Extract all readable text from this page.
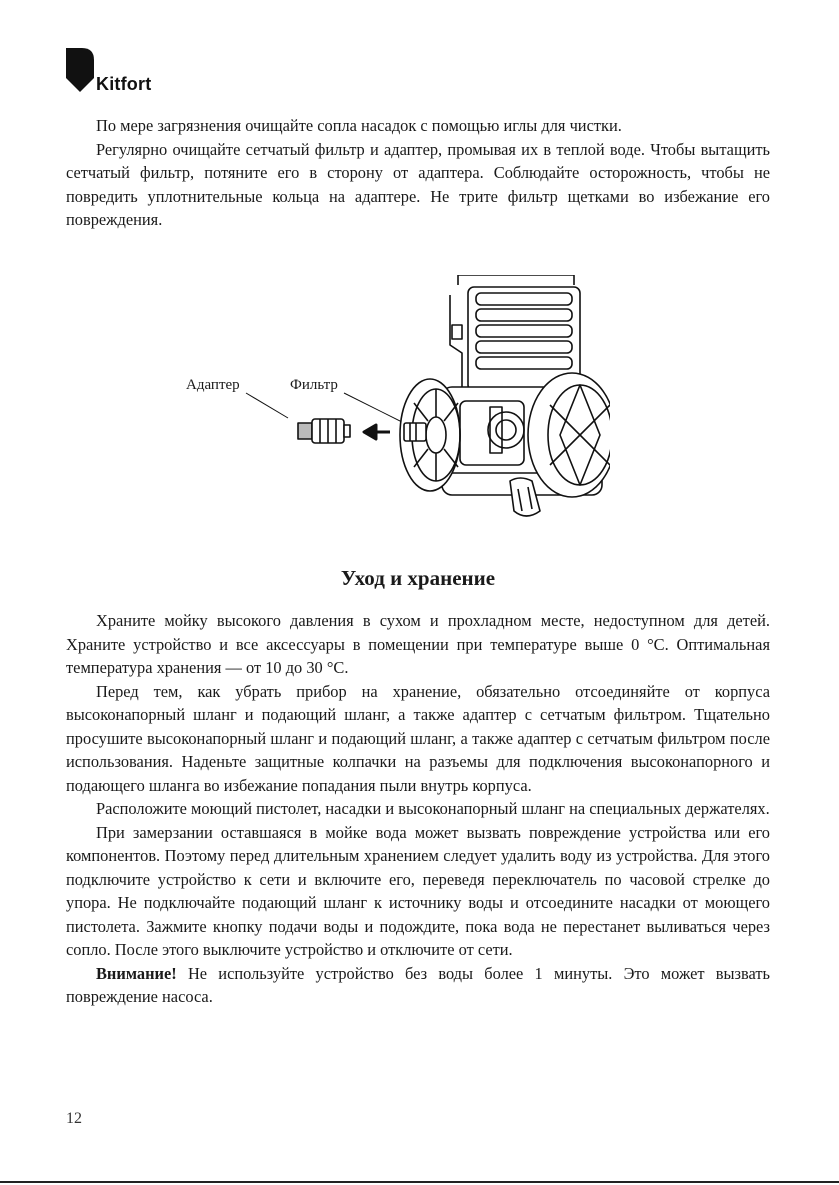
Kitfort

По мере загрязнения очищайте сопла насадок с помощью иглы для чистки.

Регулярно очищайте сетчатый фильтр и адаптер, промывая их в теплой воде. Чтобы вытащить сетчатый фильтр, потяните его в сторону от адаптера. Соблюдайте осторожность, чтобы не повредить уплотнительные кольца на адаптере. Не трите фильтр щетками во избежание его повреждения.

Адаптер	Фильтр
Уход и хранение

Храните мойку высокого давления в сухом и прохладном месте, недоступном для детей. Храните устройство и все аксессуары в помещении при температуре выше 0 °С. Оптимальная температура хранения — от 10 до 30 °С.

Перед тем, как убрать прибор на хранение, обязательно отсоединяйте от корпуса высоконапорный шланг и подающий шланг, а также адаптер с сетчатым фильтром. Тщательно просушите высоконапорный шланг и подающий шланг, а также адаптер с сетчатым фильтром после использования. Наденьте защитные колпачки на разъемы для подключения высоконапорного и подающего шланга во избежание попадания пыли внутрь корпуса.

Расположите моющий пистолет, насадки и высоконапорный шланг на специальных держателях.

При замерзании оставшаяся в мойке вода может вызвать повреждение устройства или его компонентов. Поэтому перед длительным хранением следует удалить воду из устройства. Для этого подключите устройство к сети и включите его, переведя переключатель по часовой стрелке до упора. Не подключайте подающий шланг к источнику воды и отсоедините насадки от моющего пистолета. Зажмите кнопку подачи воды и подождите, пока вода не перестанет выливаться через сопло. После этого выключите устройство и отключите от сети.

Внимание! Не используйте устройство без воды более 1 минуты. Это может вызвать повреждение насоса.

12
